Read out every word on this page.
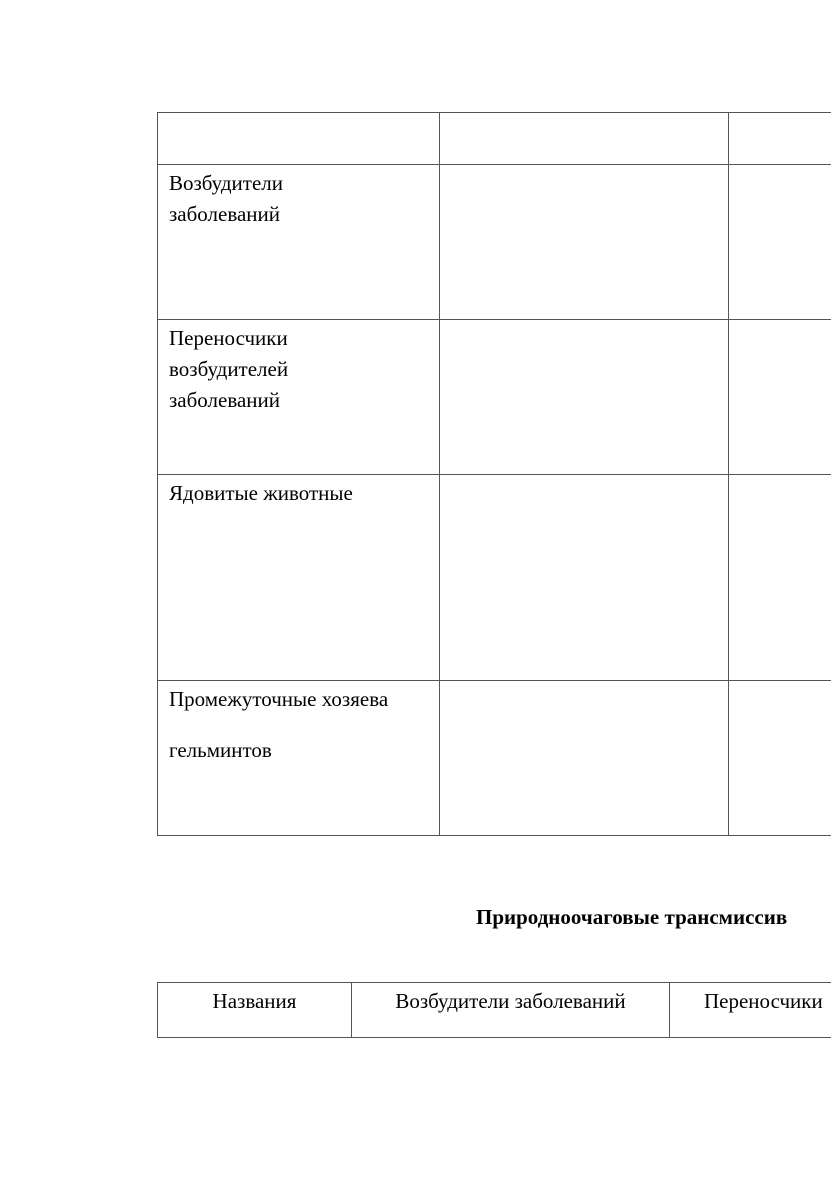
Возбудители
заболеваний		

Переносчики
возбудителей
заболеваний		

Ядовитые животные		

Промежуточные хозяева
гельминтов		

Природноочаговые трансмиссив
Названия	Возбудители заболеваний	Переносчики
